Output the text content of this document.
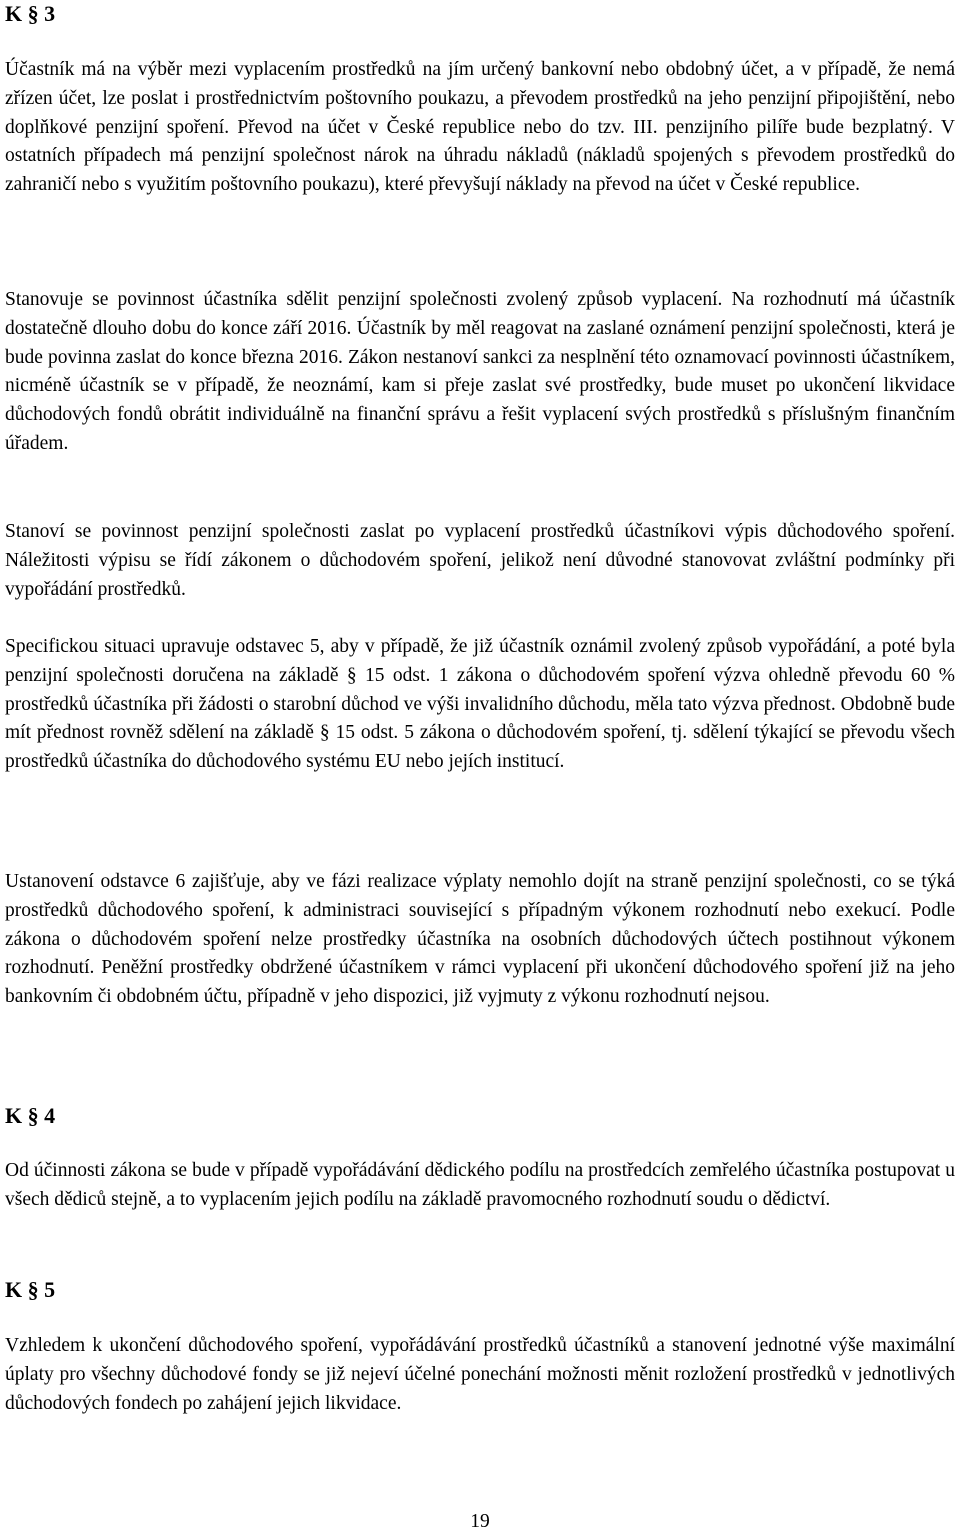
K § 3

Účastník má na výběr mezi vyplacením prostředků na jím určený bankovní nebo obdobný účet, a v případě, že nemá zřízen účet, lze poslat i prostřednictvím poštovního poukazu, a převodem prostředků na jeho penzijní připojištění, nebo doplňkové penzijní spoření. Převod na účet v České republice nebo do tzv. III. penzijního pilíře bude bezplatný. V ostatních případech má penzijní společnost nárok na úhradu nákladů (nákladů spojených s převodem prostředků do zahraničí nebo s využitím poštovního poukazu), které převyšují náklady na převod na účet v České republice.

Stanovuje se povinnost účastníka sdělit penzijní společnosti zvolený způsob vyplacení. Na rozhodnutí má účastník dostatečně dlouho dobu do konce září 2016. Účastník by měl reagovat na zaslané oznámení penzijní společnosti, která je bude povinna zaslat do konce března 2016. Zákon nestanoví sankci za nesplnění této oznamovací povinnosti účastníkem, nicméně účastník se v případě, že neoznámí, kam si přeje zaslat své prostředky, bude muset po ukončení likvidace důchodových fondů obrátit individuálně na finanční správu a řešit vyplacení svých prostředků s příslušným finančním úřadem.

Stanoví se povinnost penzijní společnosti zaslat po vyplacení prostředků účastníkovi výpis důchodového spoření. Náležitosti výpisu se řídí zákonem o důchodovém spoření, jelikož není důvodné stanovovat zvláštní podmínky při vypořádání prostředků.

Specifickou situaci upravuje odstavec 5, aby v případě, že již účastník oznámil zvolený způsob vypořádání, a poté byla penzijní společnosti doručena na základě § 15 odst. 1 zákona o důchodovém spoření výzva ohledně převodu 60 % prostředků účastníka při žádosti o starobní důchod ve výši invalidního důchodu, měla tato výzva přednost. Obdobně bude mít přednost rovněž sdělení na základě § 15 odst. 5 zákona o důchodovém spoření, tj. sdělení týkající se převodu všech prostředků účastníka do důchodového systému EU nebo jejích institucí.

Ustanovení odstavce 6 zajišťuje, aby ve fázi realizace výplaty nemohlo dojít na straně penzijní společnosti, co se týká prostředků důchodového spoření, k administraci související s případným výkonem rozhodnutí nebo exekucí. Podle zákona o důchodovém spoření nelze prostředky účastníka na osobních důchodových účtech postihnout výkonem rozhodnutí. Peněžní prostředky obdržené účastníkem v rámci vyplacení při ukončení důchodového spoření již na jeho bankovním či obdobném účtu, případně v jeho dispozici, již vyjmuty z výkonu rozhodnutí nejsou.

K § 4

Od účinnosti zákona se bude v případě vypořádávání dědického podílu na prostředcích zemřelého účastníka postupovat u všech dědiců stejně, a to vyplacením jejich podílu na základě pravomocného rozhodnutí soudu o dědictví.

K § 5

Vzhledem k ukončení důchodového spoření, vypořádávání prostředků účastníků a stanovení jednotné výše maximální úplaty pro všechny důchodové fondy se již nejeví účelné ponechání možnosti měnit rozložení prostředků v jednotlivých důchodových fondech po zahájení jejich likvidace.

19
